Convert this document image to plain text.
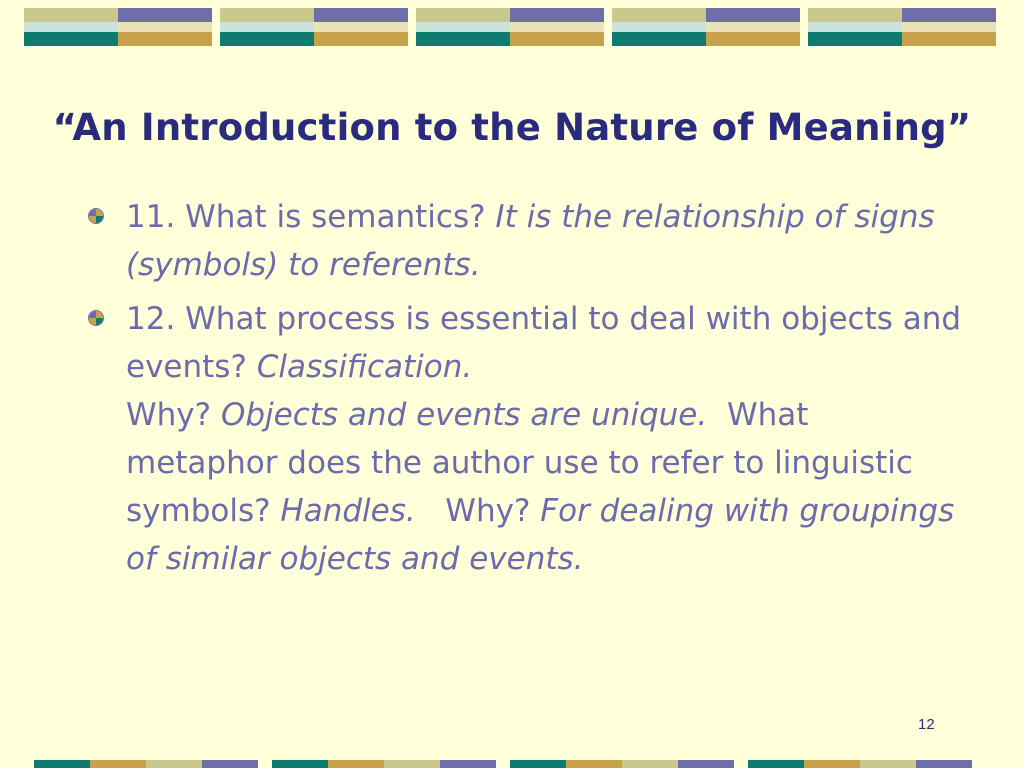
“An Introduction to the Nature of Meaning”
11. What is semantics? It is the relationship of signs (symbols) to referents.
12. What process is essential to deal with objects and events? Classification.
Why? Objects and events are unique.  What metaphor does the author use to refer to linguistic symbols? Handles.   Why? For dealing with groupings of similar objects and events.
12
